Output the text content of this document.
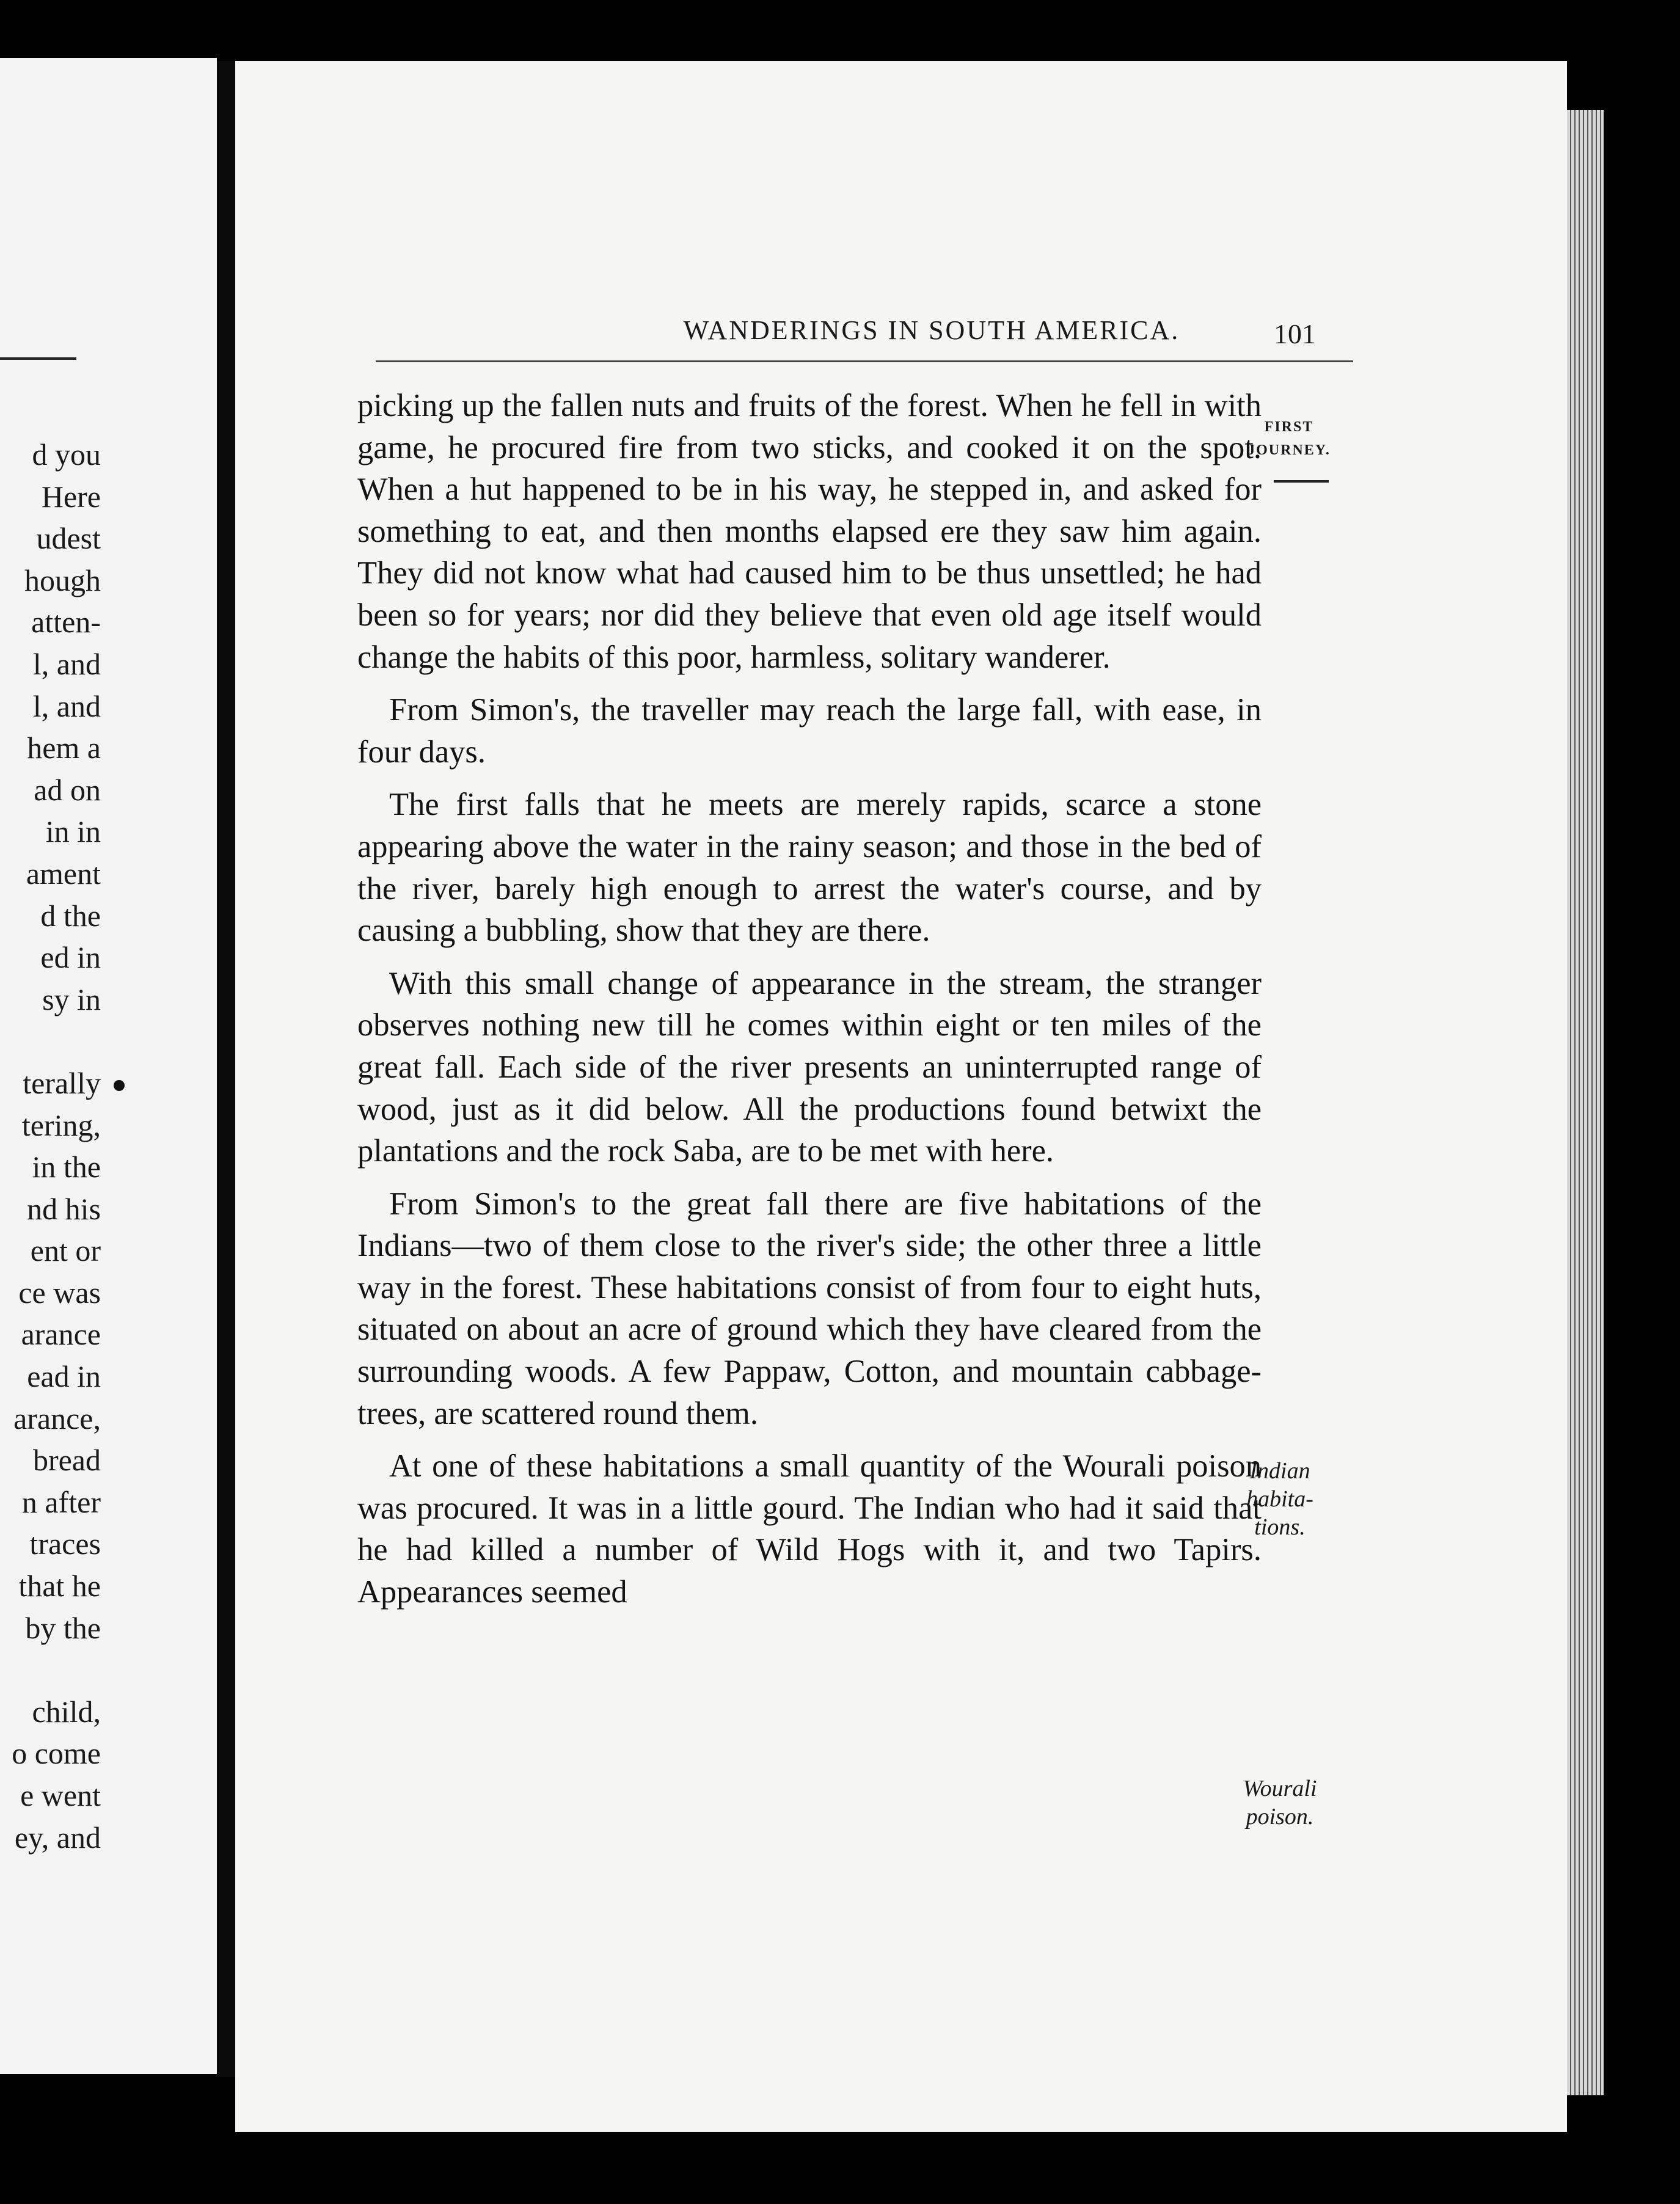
d you
Here
udest
hough
atten-
l, and
l, and
hem a
ad on
in in
ament
d the
ed in
sy in
terally
tering,
in the
nd his
ent or
ce was
arance
ead in
arance,
bread
n after
traces
that he
by the
child,
o come
e went
ey, and
WANDERINGS IN SOUTH AMERICA.	101
FIRST
JOURNEY.
Indian
habita-
tions.
Wourali
poison.

picking up the fallen nuts and fruits of the forest. When he fell in with game, he procured fire from two sticks, and cooked it on the spot. When a hut happened to be in his way, he stepped in, and asked for something to eat, and then months elapsed ere they saw him again. They did not know what had caused him to be thus unsettled; he had been so for years; nor did they believe that even old age itself would change the habits of this poor, harmless, solitary wanderer.

From Simon's, the traveller may reach the large fall, with ease, in four days.

The first falls that he meets are merely rapids, scarce a stone appearing above the water in the rainy season; and those in the bed of the river, barely high enough to arrest the water's course, and by causing a bubbling, show that they are there.

With this small change of appearance in the stream, the stranger observes nothing new till he comes within eight or ten miles of the great fall. Each side of the river presents an uninterrupted range of wood, just as it did below. All the productions found betwixt the plantations and the rock Saba, are to be met with here.

From Simon's to the great fall there are five habitations of the Indians—two of them close to the river's side; the other three a little way in the forest. These habitations consist of from four to eight huts, situated on about an acre of ground which they have cleared from the surrounding woods. A few Pappaw, Cotton, and mountain cabbage-trees, are scattered round them.

At one of these habitations a small quantity of the Wourali poison was procured. It was in a little gourd. The Indian who had it said that he had killed a number of Wild Hogs with it, and two Tapirs. Appearances seemed
